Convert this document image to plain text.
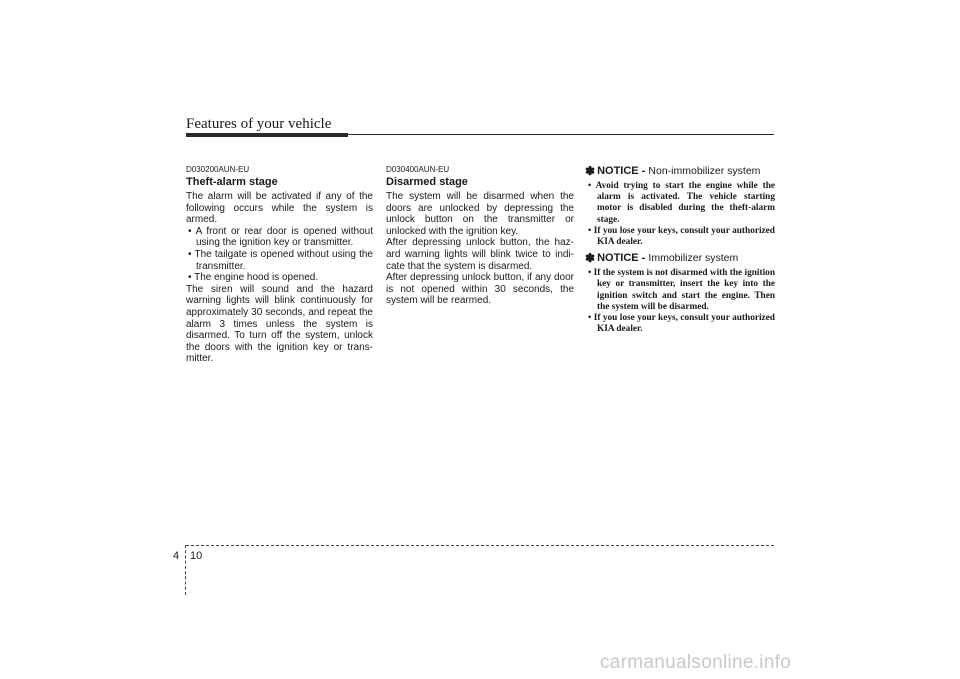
Features of your vehicle
D030200AUN-EU
Theft-alarm stage

The alarm will be activated if any of the following occurs while the system is armed.

• A front or rear door is opened without using the ignition key or transmitter.

• The tailgate is opened without using the transmitter.

• The engine hood is opened.

The siren will sound and the hazard warning lights will blink continuously for approximately 30 seconds, and repeat the alarm 3 times unless the system is disarmed. To turn off the system, unlock the doors with the ignition key or trans-mitter.

D030400AUN-EU
Disarmed stage

The system will be disarmed when the doors are unlocked by depressing the unlock button on the transmitter or unlocked with the ignition key.

After depressing unlock button, the haz-ard warning lights will blink twice to indi-cate that the system is disarmed.

After depressing unlock button, if any door is not opened within 30 seconds, the system will be rearmed.

✽ NOTICE - Non-immobilizer system

• Avoid trying to start the engine while the alarm is activated. The vehicle starting motor is disabled during the theft-alarm stage.

• If you lose your keys, consult your authorized KIA dealer.

✽ NOTICE - Immobilizer system

• If the system is not disarmed with the ignition key or transmitter, insert the key into the ignition switch and start the engine. Then the system will be disarmed.

• If you lose your keys, consult your authorized KIA dealer.

4 10
carmanualsonline.info
